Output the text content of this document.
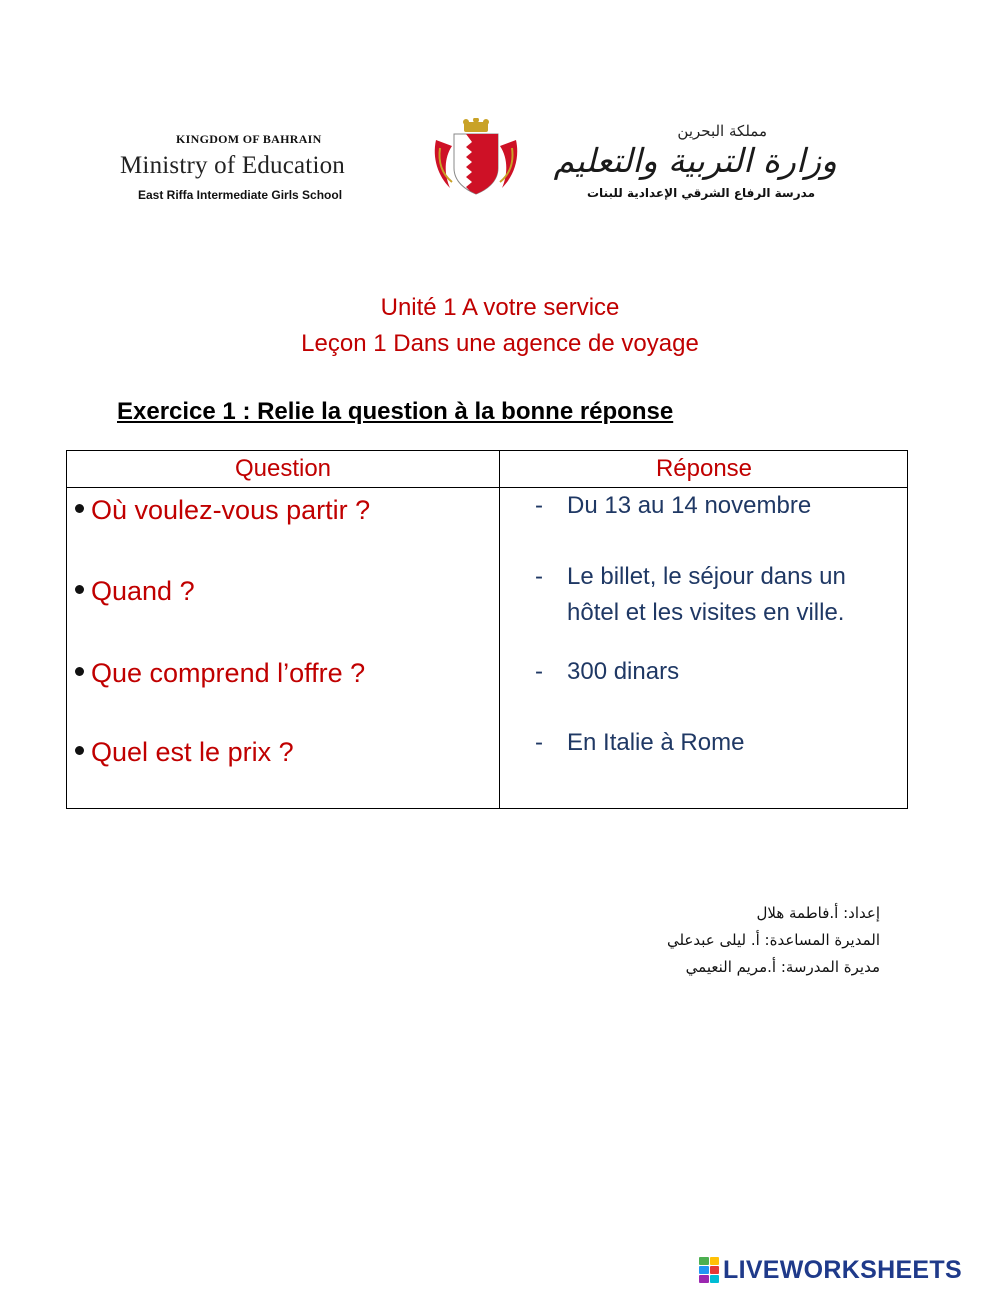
KINGDOM OF BAHRAIN
Ministry of Education
East Riffa Intermediate Girls School
مملكة البحرين
وزارة التربية والتعليم
مدرسة الرفاع الشرقي الإعدادية للبنات
Unité 1 A votre service
Leçon 1 Dans une agence de voyage
Exercice 1 : Relie la question à la bonne réponse
Question	Réponse
Où voulez-vous partir ?
Quand ?
Que comprend l’offre ?
Quel est le prix ?
- Du 13 au 14 novembre
- Le billet, le séjour dans un
hôtel et les visites en ville.
- 300 dinars
- En Italie à Rome
إعداد: أ.فاطمة هلال
المديرة المساعدة: أ. ليلى عبدعلي
مديرة المدرسة: أ.مريم النعيمي
LIVEWORKSHEETS
